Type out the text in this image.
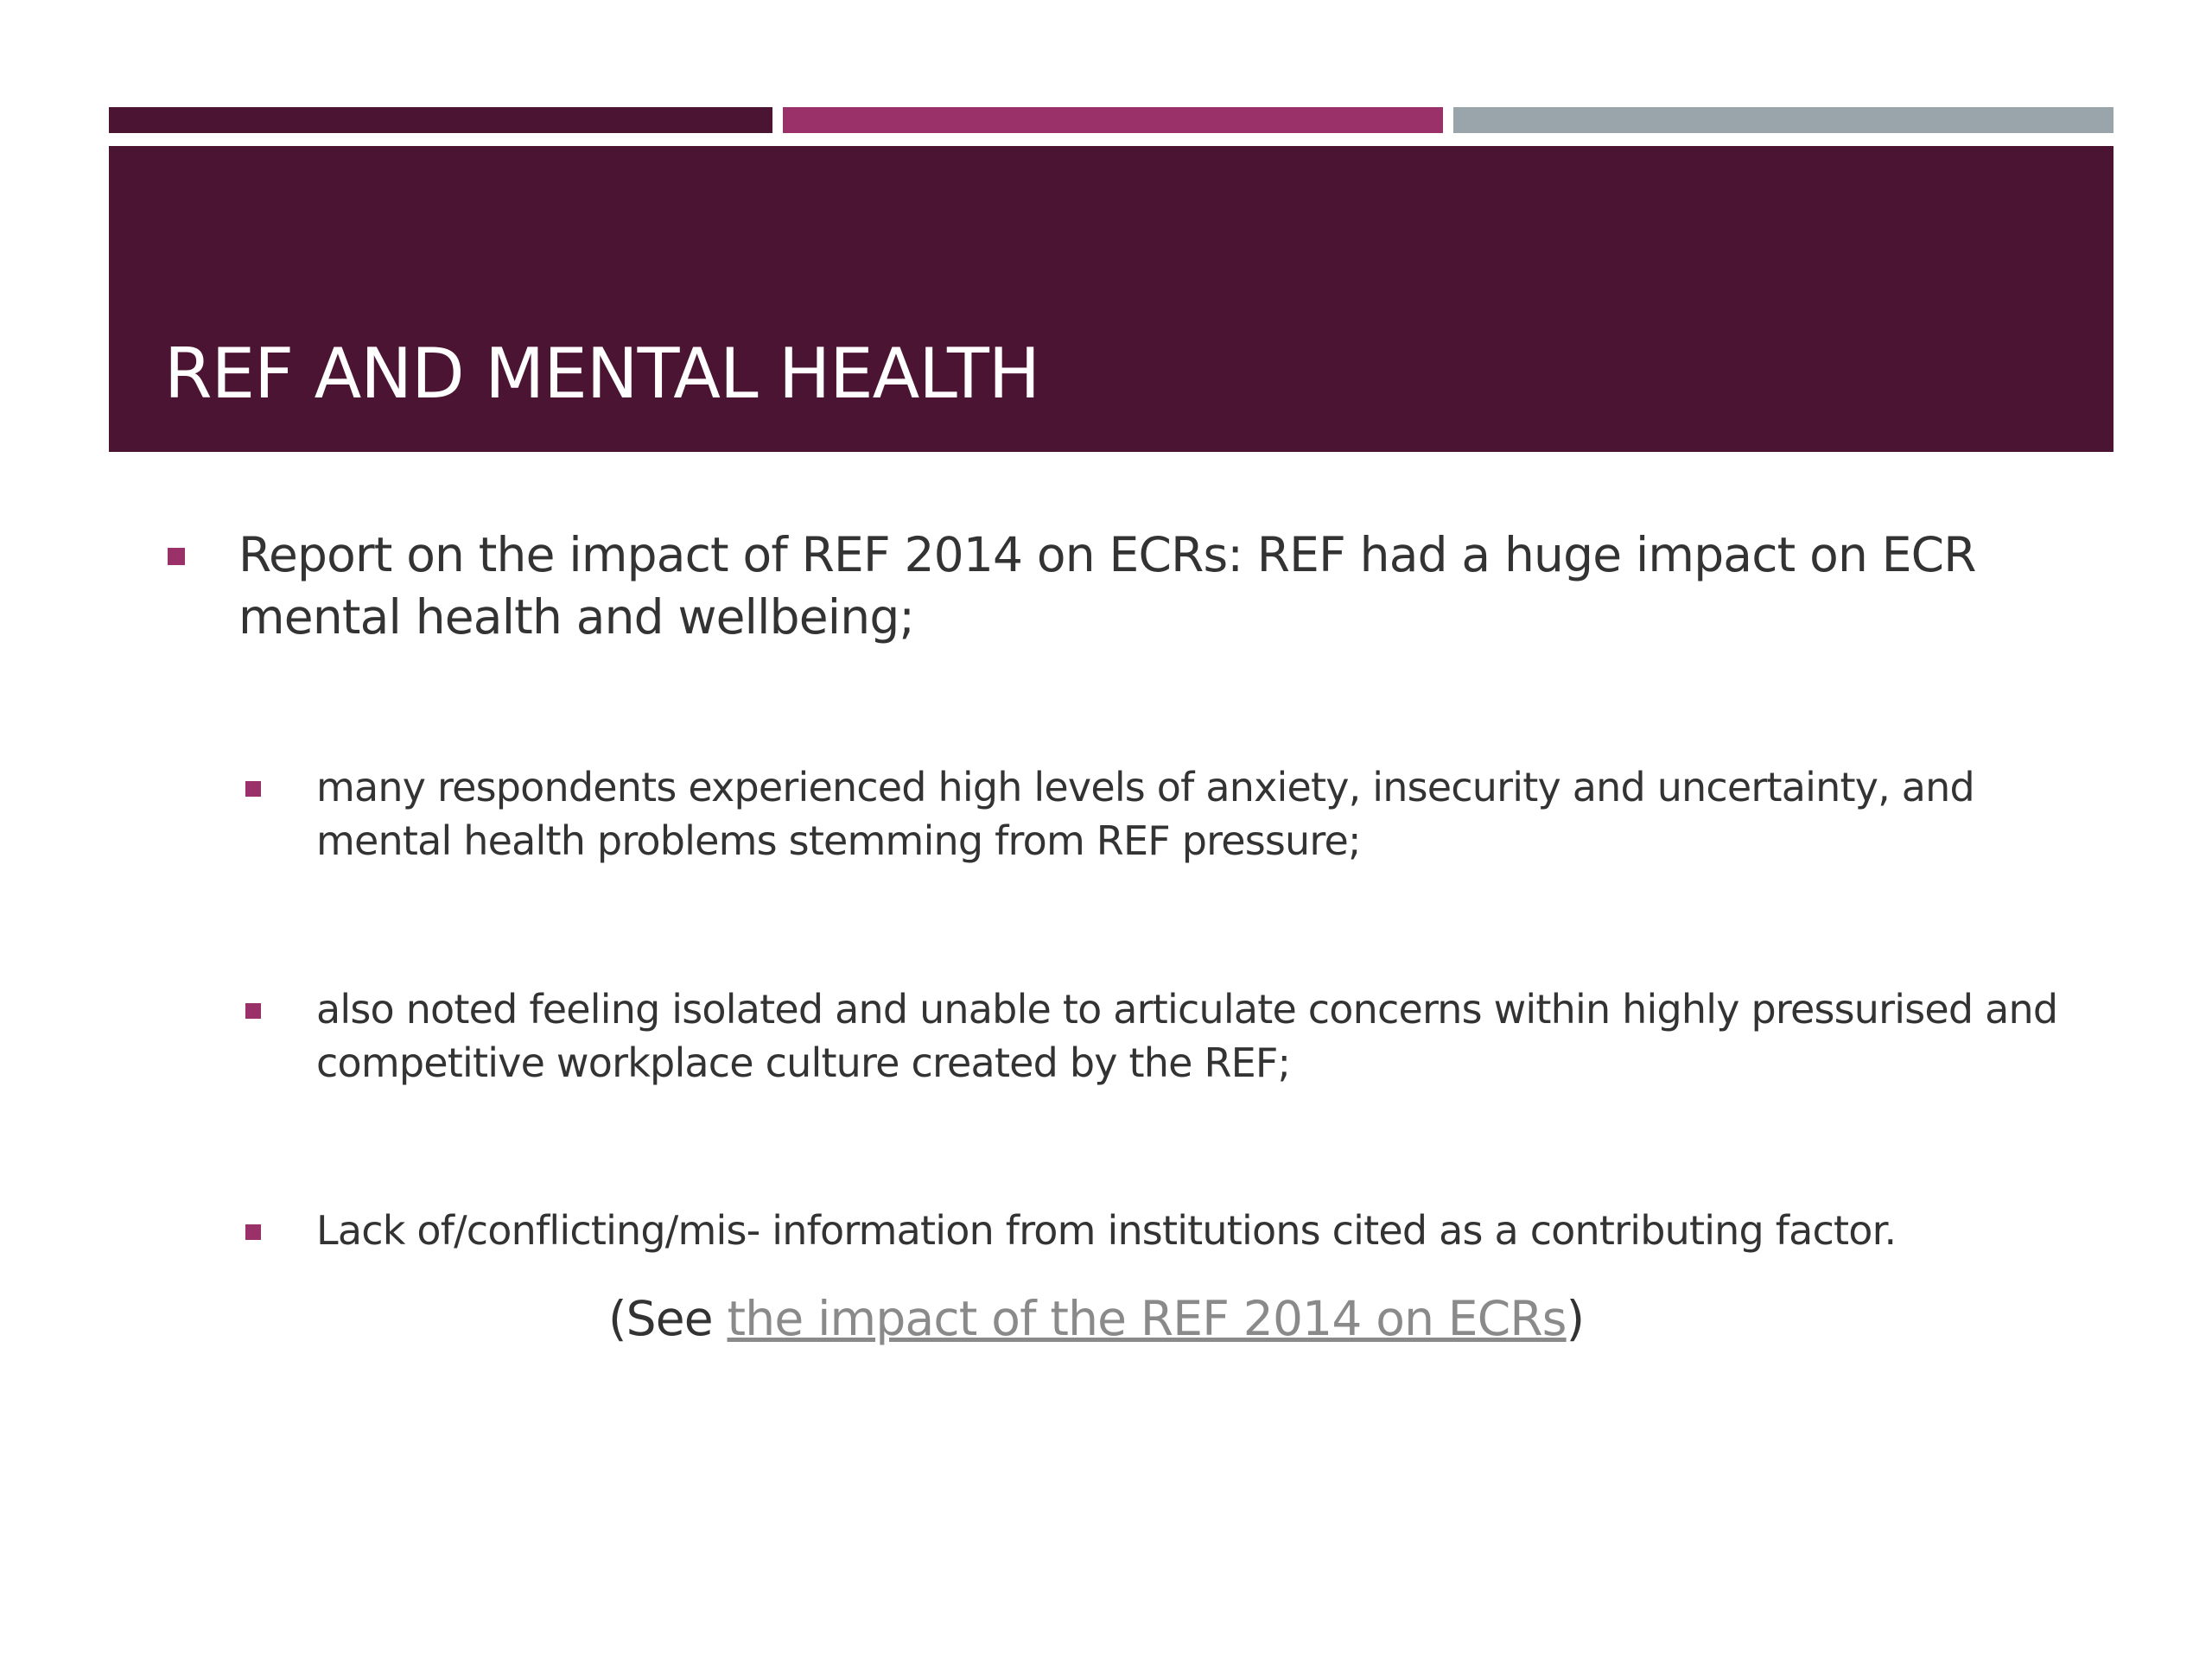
REF AND MENTAL HEALTH
Report on the impact of REF 2014 on ECRs: REF had a huge impact on ECR mental health and wellbeing;
many respondents experienced high levels of anxiety, insecurity and uncertainty, and mental health problems stemming from REF pressure;
also noted feeling isolated and unable to articulate concerns within highly pressurised and competitive workplace culture created by the REF;
Lack of/conflicting/mis- information from institutions cited as a contributing factor.
(See the impact of the REF 2014 on ECRs)
